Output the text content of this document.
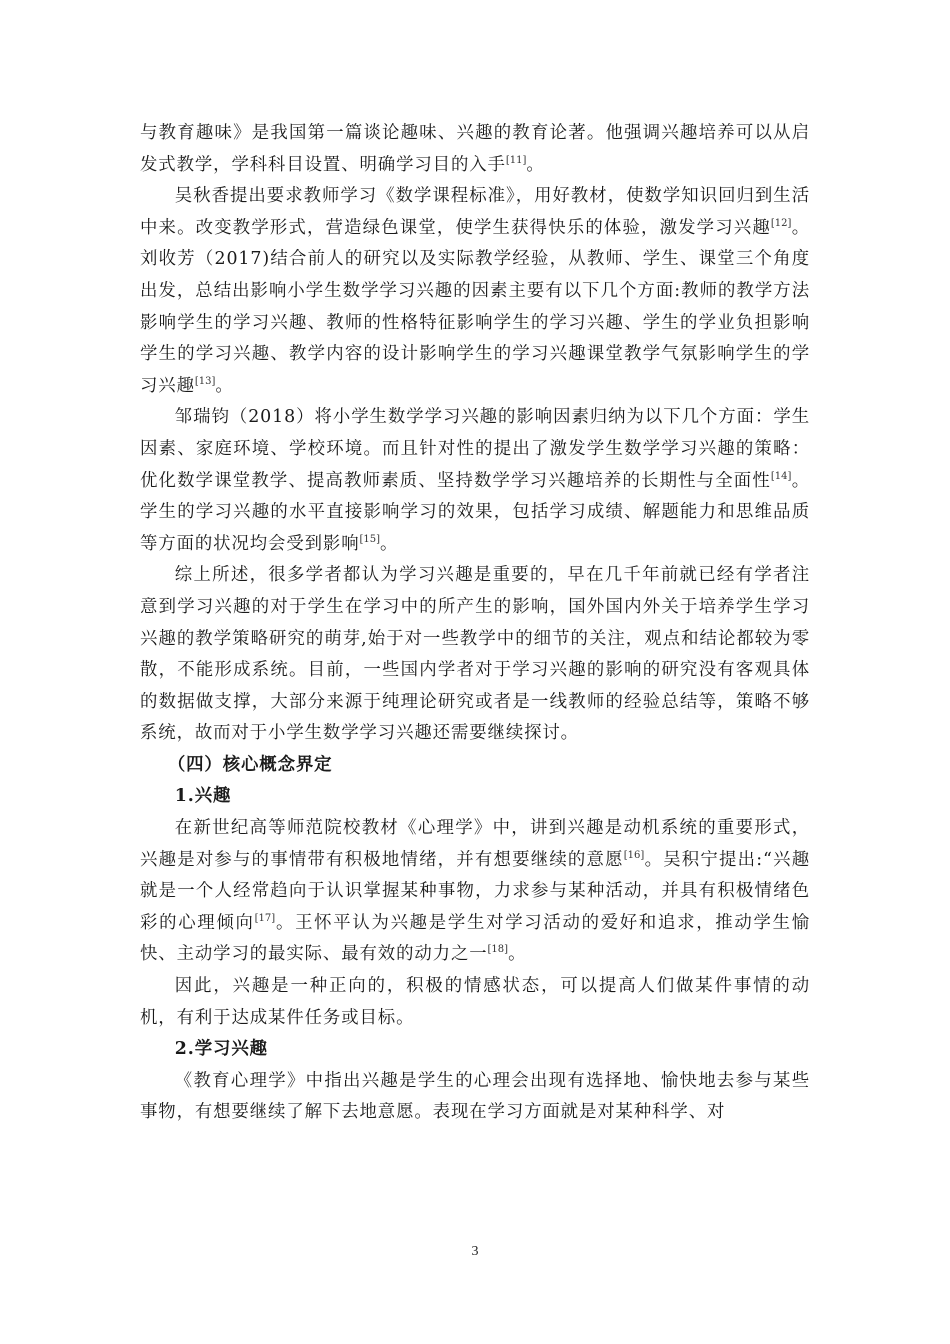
与教育趣味》是我国第一篇谈论趣味、兴趣的教育论著。他强调兴趣培养可以从启发式教学，学科科目设置、明确学习目的入手[11]。

吴秋香提出要求教师学习《数学课程标准》，用好教材，使数学知识回归到生活中来。改变教学形式，营造绿色课堂，使学生获得快乐的体验，激发学习兴趣[12]。刘收芳（2017)结合前人的研究以及实际教学经验，从教师、学生、课堂三个角度出发，总结出影响小学生数学学习兴趣的因素主要有以下几个方面:教师的教学方法影响学生的学习兴趣、教师的性格特征影响学生的学习兴趣、学生的学业负担影响学生的学习兴趣、教学内容的设计影响学生的学习兴趣课堂教学气氛影响学生的学习兴趣[13]。

邹瑞钧（2018）将小学生数学学习兴趣的影响因素归纳为以下几个方面：学生因素、家庭环境、学校环境。而且针对性的提出了激发学生数学学习兴趣的策略：优化数学课堂教学、提高教师素质、坚持数学学习兴趣培养的长期性与全面性[14]。学生的学习兴趣的水平直接影响学习的效果，包括学习成绩、解题能力和思维品质等方面的状况均会受到影响[15]。

综上所述，很多学者都认为学习兴趣是重要的，早在几千年前就已经有学者注意到学习兴趣的对于学生在学习中的所产生的影响，国外国内外关于培养学生学习兴趣的教学策略研究的萌芽,始于对一些教学中的细节的关注，观点和结论都较为零散，不能形成系统。目前，一些国内学者对于学习兴趣的影响的研究没有客观具体的数据做支撑，大部分来源于纯理论研究或者是一线教师的经验总结等，策略不够系统，故而对于小学生数学学习兴趣还需要继续探讨。

（四）核心概念界定

1.兴趣

在新世纪高等师范院校教材《心理学》中，讲到兴趣是动机系统的重要形式，兴趣是对参与的事情带有积极地情绪，并有想要继续的意愿[16]。吴积宁提出:“兴趣就是一个人经常趋向于认识掌握某种事物，力求参与某种活动，并具有积极情绪色彩的心理倾向[17]。王怀平认为兴趣是学生对学习活动的爱好和追求，推动学生愉快、主动学习的最实际、最有效的动力之一[18]。

因此，兴趣是一种正向的，积极的情感状态，可以提高人们做某件事情的动机，有利于达成某件任务或目标。

2.学习兴趣

《教育心理学》中指出兴趣是学生的心理会出现有选择地、愉快地去参与某些事物，有想要继续了解下去地意愿。表现在学习方面就是对某种科学、对

3
